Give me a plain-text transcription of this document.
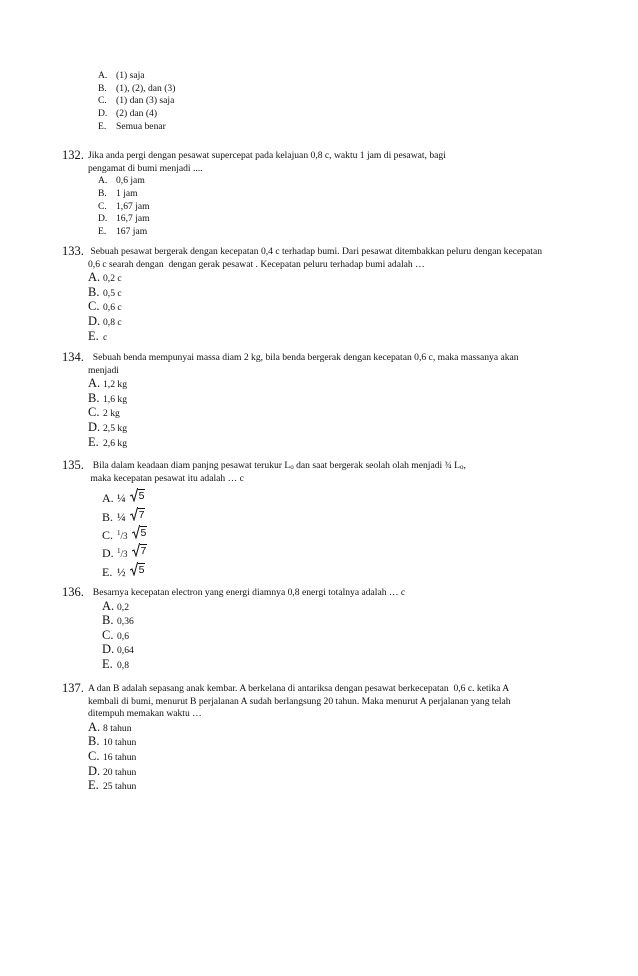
A. (1) saja
B. (1), (2), dan (3)
C. (1) dan (3) saja
D. (2) dan (4)
E.	Semua benar
132. Jika anda pergi dengan pesawat supercepat pada kelajuan 0,8 c, waktu 1 jam di pesawat, bagi
pengamat di bumi menjadi ....
A. 0,6 jam
B. 1 jam
C. 1,67 jam
D. 16,7 jam
E.	167 jam
133. Sebuah pesawat bergerak dengan kecepatan 0,4 c terhadap bumi. Dari pesawat ditembakkan peluru dengan kecepatan
0,6 c searah dengan  dengan gerak pesawat . Kecepatan peluru terhadap bumi adalah …
A. 0,2 c
B. 0,5 c
C. 0,6 c
D. 0,8 c
E. c
134. Sebuah benda mempunyai massa diam 2 kg, bila benda bergerak dengan kecepatan 0,6 c, maka massanya akan
menjadi
A. 1,2 kg
B. 1,6 kg
C. 2 kg
D. 2,5 kg
E. 2,6 kg
135. Bila dalam keadaan diam panjng pesawat terukur Lo dan saat bergerak seolah olah menjadi ¾ Lo,
maka kecepatan pesawat itu adalah … c
A. ¼ 5
B. ¼ 7
C. $^1$/3 5
D. $^1$/3 7
E. ½ 5
136. Besarnya kecepatan electron yang energi diamnya 0,8 energi totalnya adalah … c
A. 0,2
B. 0,36
C. 0,6
D. 0,64
E. 0,8
137. A dan B adalah sepasang anak kembar. A berkelana di antariksa dengan pesawat berkecepatan  0,6 c. ketika A
kembali di bumi, menurut B perjalanan A sudah berlangsung 20 tahun. Maka menurut A perjalanan yang telah
ditempuh memakan waktu …
A. 8 tahun
B. 10 tahun
C. 16 tahun
D. 20 tahun
E. 25 tahun
